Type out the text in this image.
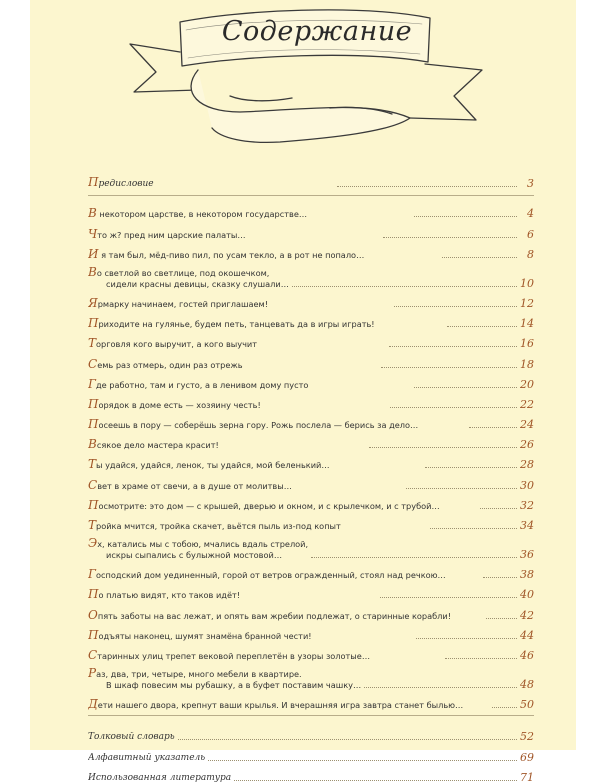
Содержание
Предисловие	3
В некотором царстве, в некотором государстве…	4
Что ж? пред ним царские палаты…	6
И я там был, мёд-пиво пил, по усам текло, а в рот не попало…	8
Во светлой во светлице, под окошечком,
сидели красны девицы, сказку слушали…	10
Ярмарку начинаем, гостей приглашаем!	12
Приходите на гулянье, будем петь, танцевать да в игры играть!	14
Торговля кого выручит, а кого выучит	16
Семь раз отмерь, один раз отрежь	18
Где работно, там и густо, а в ленивом дому пусто	20
Порядок в доме есть — хозяину честь!	22
Посеешь в пору — соберёшь зерна гору. Рожь послела — берись за дело…	24
Всякое дело мастера красит!	26
Ты удайся, удайся, ленок, ты удайся, мой беленький…	28
Свет в храме от свечи, а в душе от молитвы…	30
Посмотрите: это дом — с крышей, дверью и окном, и с крылечком, и с трубой…	32
Тройка мчится, тройка скачет, вьётся пыль из-под копыт	34
Эх, катались мы с тобою, мчались вдаль стрелой,
искры сыпались с булыжной мостовой…	36
Господский дом уединенный, горой от ветров огражденный, стоял над речкою…	38
По платью видят, кто таков идёт!	40
Опять заботы на вас лежат, и опять вам жребии подлежат, о старинные корабли!	42
Подъяты наконец, шумят знамёна бранной чести!	44
Старинных улиц трепет вековой переплетён в узоры золотые…	46
Раз, два, три, четыре, много мебели в квартире.
В шкаф повесим мы рубашку, а в буфет поставим чашку…	48
Дети нашего двора, крепнут ваши крылья. И вчерашняя игра завтра станет былью…	50
Толковый словарь	52
Алфавитный указатель	69
Использованная литература	71
